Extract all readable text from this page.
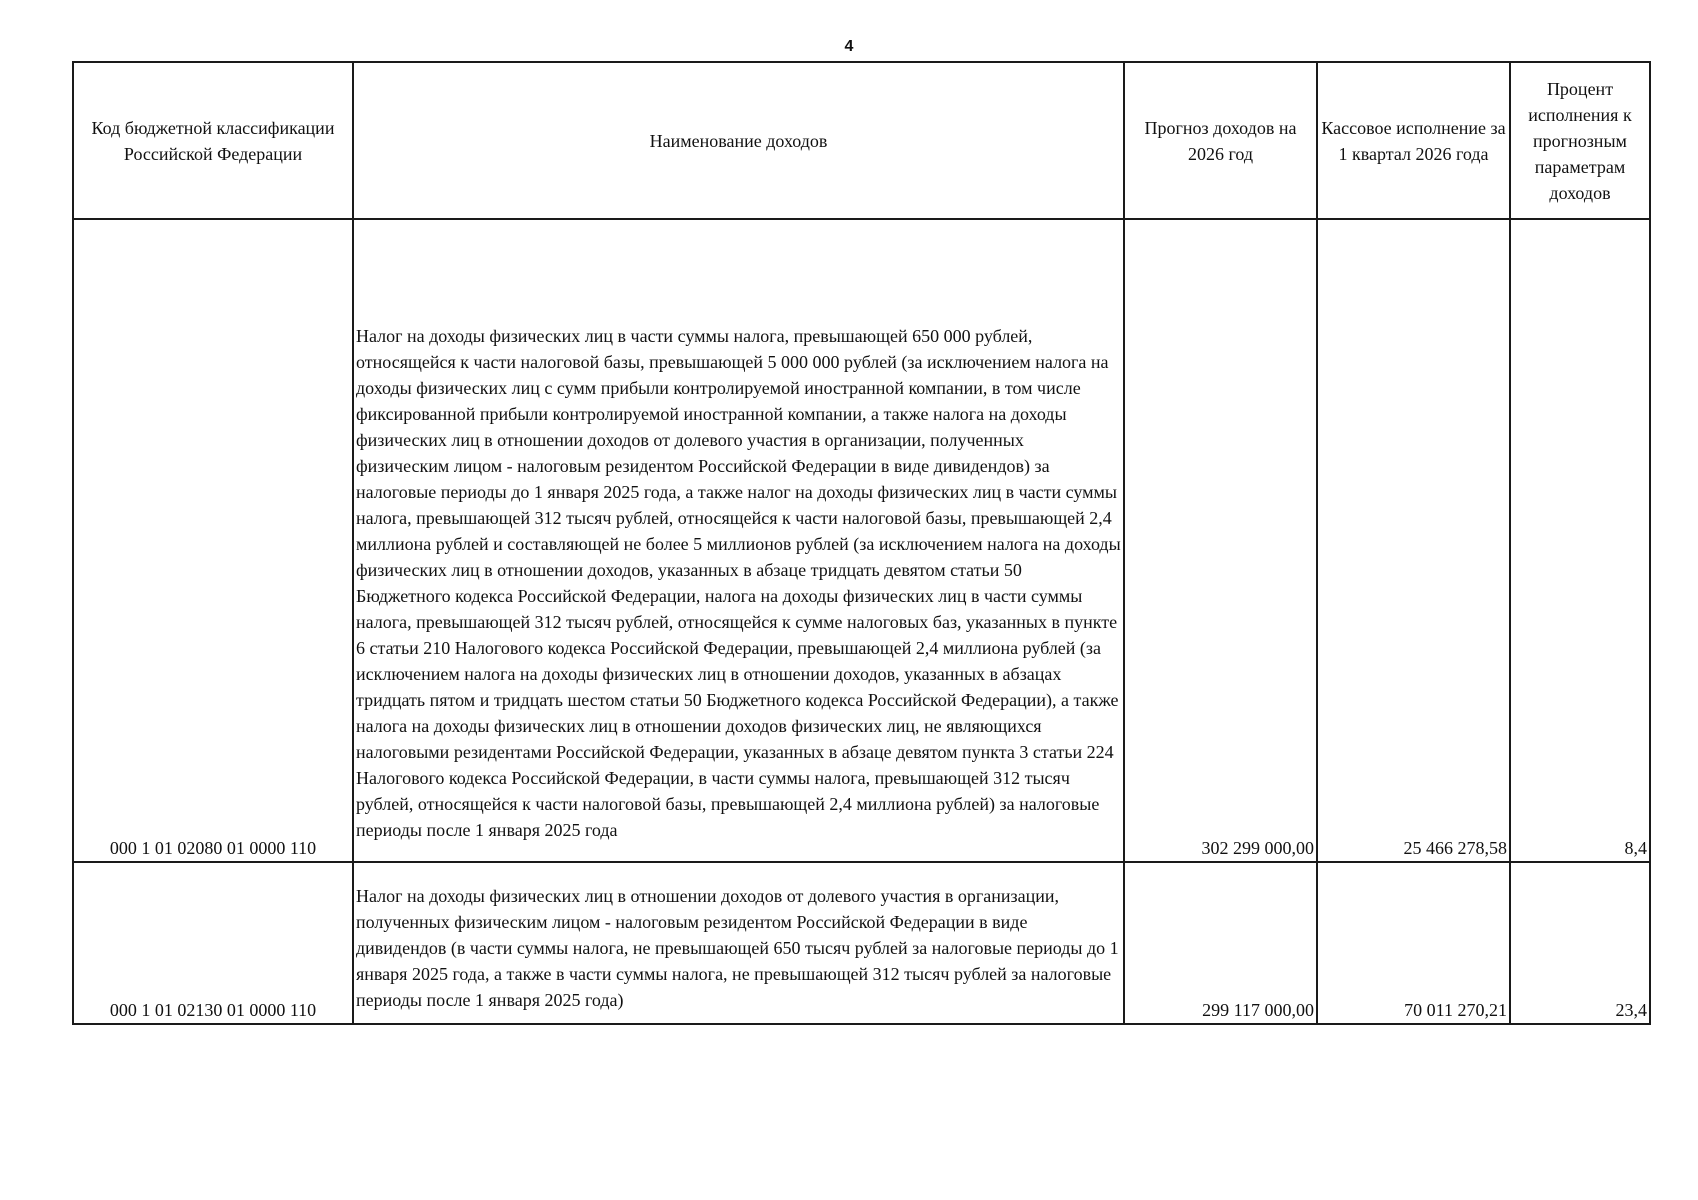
4
Код бюджетной классификации Российской Федерации	Наименование доходов	Прогноз доходов на 2026 год	Кассовое исполнение за 1 квартал 2026 года	Процент исполнения к прогнозным параметрам доходов
000 1 01 02080 01 0000 110	Налог на доходы физических лиц в части суммы налога, превышающей 650 000 рублей, относящейся к части налоговой базы, превышающей 5 000 000 рублей (за исключением налога на доходы физических лиц с сумм прибыли контролируемой иностранной компании, в том числе фиксированной прибыли контролируемой иностранной компании, а также налога на доходы физических лиц в отношении доходов от долевого участия в организации, полученных физическим лицом - налоговым резидентом Российской Федерации в виде дивидендов) за налоговые периоды до 1 января 2025 года, а также налог на доходы физических лиц в части суммы налога, превышающей 312 тысяч рублей, относящейся к части налоговой базы, превышающей 2,4 миллиона рублей и составляющей не более 5 миллионов рублей (за исключением налога на доходы физических лиц в отношении доходов, указанных в абзаце тридцать девятом статьи 50 Бюджетного кодекса Российской Федерации, налога на доходы физических лиц в части суммы налога, превышающей 312 тысяч рублей, относящейся к сумме налоговых баз, указанных в пункте 6 статьи 210 Налогового кодекса Российской Федерации, превышающей 2,4 миллиона рублей (за исключением налога на доходы физических лиц в отношении доходов, указанных в абзацах тридцать пятом и тридцать шестом статьи 50 Бюджетного кодекса Российской Федерации), а также налога на доходы физических лиц в отношении доходов физических лиц, не являющихся налоговыми резидентами Российской Федерации, указанных в абзаце девятом пункта 3 статьи 224 Налогового кодекса Российской Федерации, в части суммы налога, превышающей 312 тысяч рублей, относящейся к части налоговой базы, превышающей 2,4 миллиона рублей) за налоговые периоды после 1 января 2025 года	302 299 000,00	25 466 278,58	8,4
000 1 01 02130 01 0000 110	Налог на доходы физических лиц в отношении доходов от долевого участия в организации, полученных физическим лицом - налоговым резидентом Российской Федерации в виде дивидендов (в части суммы налога, не превышающей 650 тысяч рублей за налоговые периоды до 1 января 2025 года, а также в части суммы налога, не превышающей 312 тысяч рублей за налоговые периоды после 1 января 2025 года)	299 117 000,00	70 011 270,21	23,4
